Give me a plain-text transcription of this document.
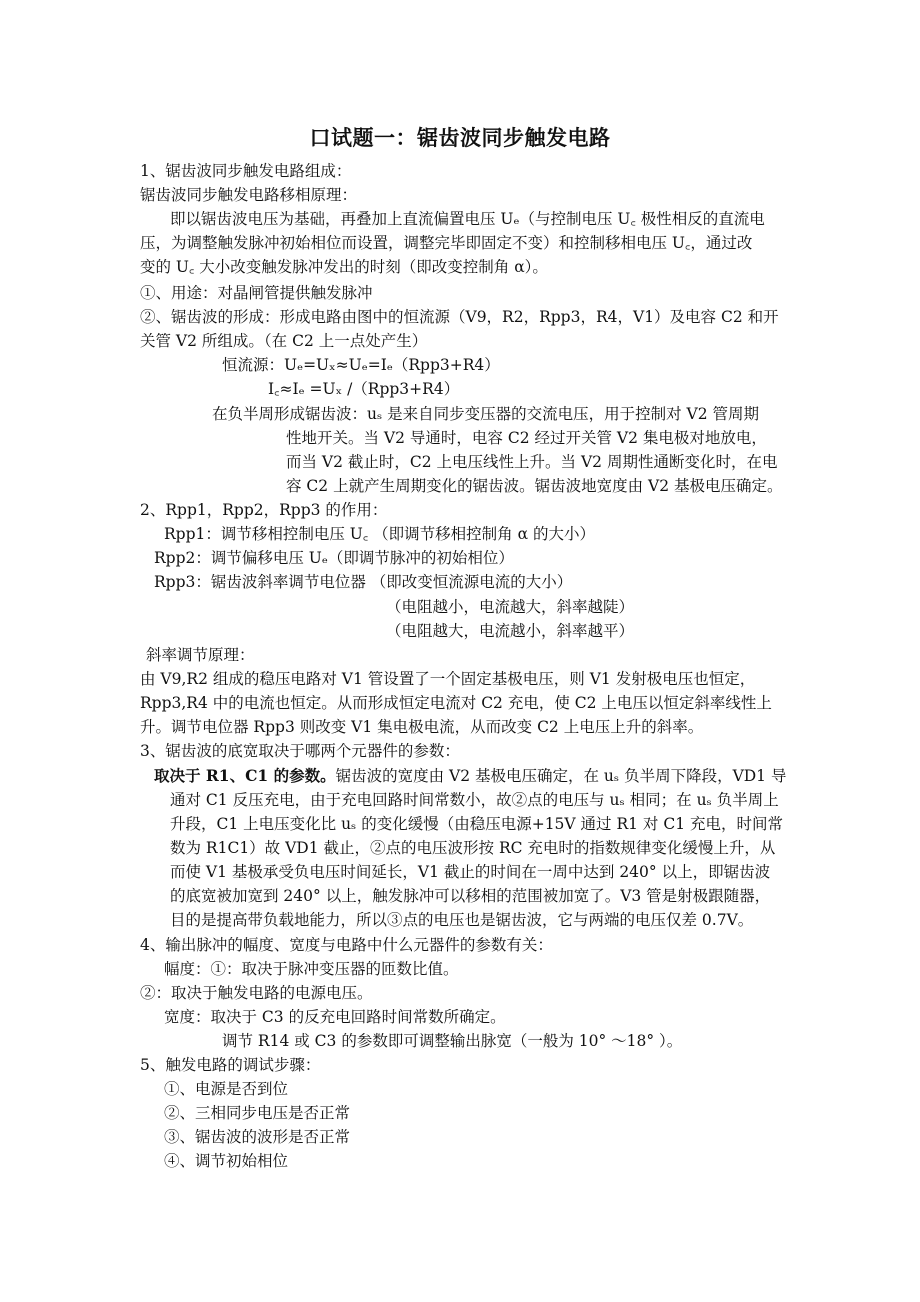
口试题一：锯齿波同步触发电路
1、锯齿波同步触发电路组成：
锯齿波同步触发电路移相原理：
即以锯齿波电压为基础，再叠加上直流偏置电压 Uₑ（与控制电压 U꜀ 极性相反的直流电
压，为调整触发脉冲初始相位而设置，调整完毕即固定不变）和控制移相电压 U꜀，通过改
变的 U꜀ 大小改变触发脉冲发出的时刻（即改变控制角 α）。
①、用途：对晶闸管提供触发脉冲
②、锯齿波的形成：形成电路由图中的恒流源（V9，R2，Rpp3，R4，V1）及电容 C2 和开
关管 V2 所组成。（在 C2 上一点处产生）
恒流源：Uₑ=Uₓ≈Uₑ=Iₑ（Rpp3+R4）
I꜀≈Iₑ =Uₓ /（Rpp3+R4）
在负半周形成锯齿波：uₛ 是来自同步变压器的交流电压，用于控制对 V2 管周期
性地开关。当 V2 导通时，电容 C2 经过开关管 V2 集电极对地放电，
而当 V2 截止时，C2 上电压线性上升。当 V2 周期性通断变化时，在电
容 C2 上就产生周期变化的锯齿波。锯齿波地宽度由 V2 基极电压确定。
2、Rpp1，Rpp2，Rpp3 的作用：
Rpp1：调节移相控制电压 U꜀ （即调节移相控制角 α 的大小）
Rpp2：调节偏移电压 Uₑ（即调节脉冲的初始相位）
Rpp3：锯齿波斜率调节电位器 （即改变恒流源电流的大小）
（电阻越小，电流越大，斜率越陡）
（电阻越大，电流越小，斜率越平）
斜率调节原理：
由 V9,R2 组成的稳压电路对 V1 管设置了一个固定基极电压，则 V1 发射极电压也恒定，
Rpp3,R4 中的电流也恒定。从而形成恒定电流对 C2 充电，使 C2 上电压以恒定斜率线性上
升。调节电位器 Rpp3 则改变 V1 集电极电流，从而改变 C2 上电压上升的斜率。
3、锯齿波的底宽取决于哪两个元器件的参数：
取决于 R1、C1 的参数。锯齿波的宽度由 V2 基极电压确定，在 uₛ 负半周下降段，VD1 导
通对 C1 反压充电，由于充电回路时间常数小，故②点的电压与 uₛ 相同；在 uₛ 负半周上
升段，C1 上电压变化比 uₛ 的变化缓慢（由稳压电源+15V 通过 R1 对 C1 充电，时间常
数为 R1C1）故 VD1 截止，②点的电压波形按 RC 充电时的指数规律变化缓慢上升，从
而使 V1 基极承受负电压时间延长，V1 截止的时间在一周中达到 240° 以上，即锯齿波
的底宽被加宽到 240° 以上，触发脉冲可以移相的范围被加宽了。V3 管是射极跟随器，
目的是提高带负载地能力，所以③点的电压也是锯齿波，它与两端的电压仅差 0.7V。
4、输出脉冲的幅度、宽度与电路中什么元器件的参数有关：
幅度：①：取决于脉冲变压器的匝数比值。
②：取决于触发电路的电源电压。
宽度：取决于 C3 的反充电回路时间常数所确定。
调节 R14 或 C3 的参数即可调整输出脉宽（一般为 10° ～18° ）。
5、触发电路的调试步骤：
①、电源是否到位
②、三相同步电压是否正常
③、锯齿波的波形是否正常
④、调节初始相位
